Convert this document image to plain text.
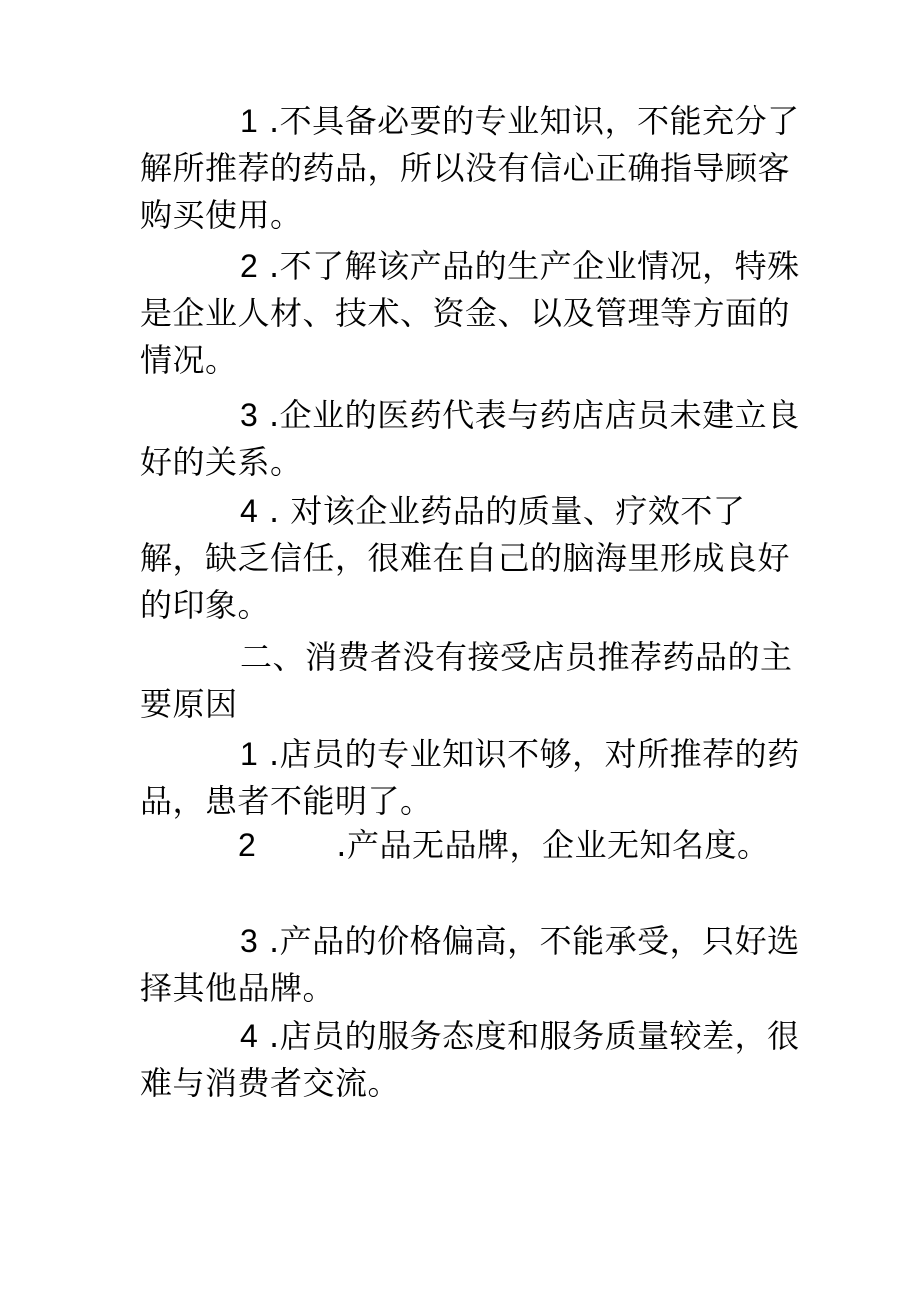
1 .不具备必要的专业知识，不能充分了解所推荐的药品，所以没有信心正确指导顾客购买使用。

2 .不了解该产品的生产企业情况，特殊是企业人材、技术、资金、以及管理等方面的情况。

3 .企业的医药代表与药店店员未建立良好的关系。

4 . 对该企业药品的质量、疗效不了解，缺乏信任，很难在自己的脑海里形成良好的印象。

二、消费者没有接受店员推荐药品的主要原因

1 .店员的专业知识不够，对所推荐的药品，患者不能明了。

2	.产品无品牌，企业无知名度。

3 .产品的价格偏高，不能承受，只好选择其他品牌。

4 .店员的服务态度和服务质量较差，很难与消费者交流。
